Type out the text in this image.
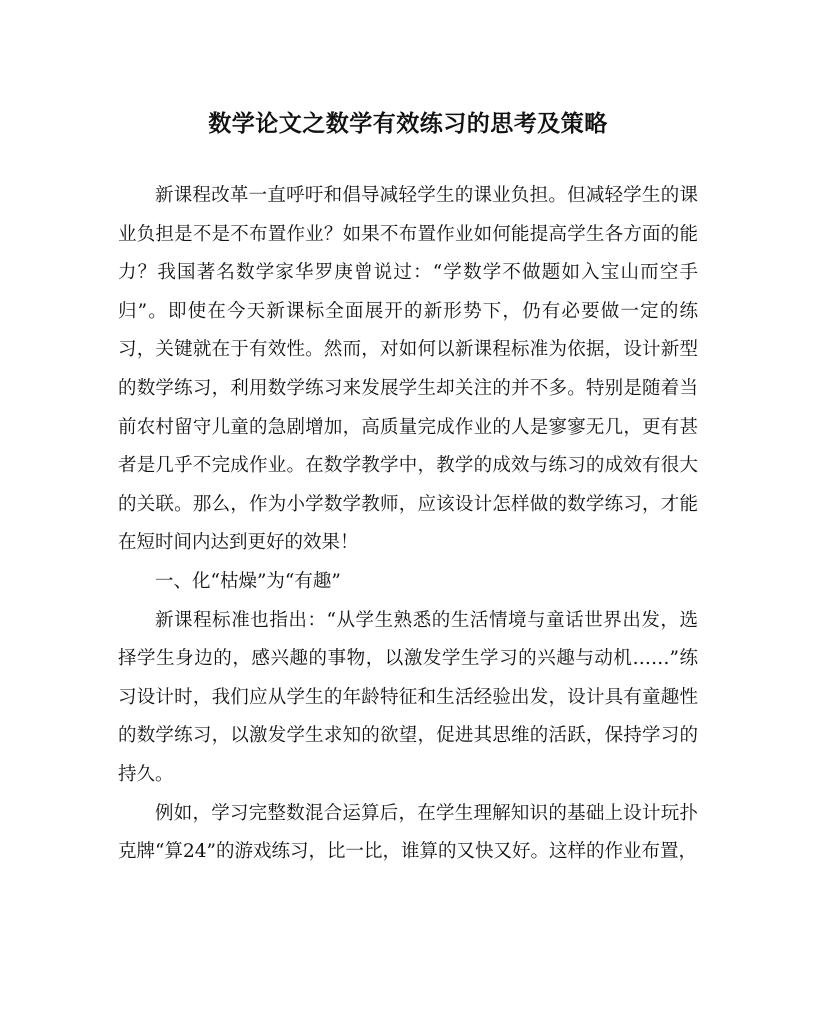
数学论文之数学有效练习的思考及策略

新课程改革一直呼吁和倡导减轻学生的课业负担。但减轻学生的课业负担是不是不布置作业？如果不布置作业如何能提高学生各方面的能力？我国著名数学家华罗庚曾说过：“学数学不做题如入宝山而空手归”。即使在今天新课标全面展开的新形势下，仍有必要做一定的练习，关键就在于有效性。然而，对如何以新课程标准为依据，设计新型的数学练习，利用数学练习来发展学生却关注的并不多。特别是随着当前农村留守儿童的急剧增加，高质量完成作业的人是寥寥无几，更有甚者是几乎不完成作业。在数学教学中，教学的成效与练习的成效有很大的关联。那么，作为小学数学教师，应该设计怎样做的数学练习，才能在短时间内达到更好的效果！

一、化“枯燥”为“有趣”

新课程标准也指出：“从学生熟悉的生活情境与童话世界出发，选择学生身边的，感兴趣的事物，以激发学生学习的兴趣与动机……”练习设计时，我们应从学生的年龄特征和生活经验出发，设计具有童趣性的数学练习，以激发学生求知的欲望，促进其思维的活跃，保持学习的持久。

例如，学习完整数混合运算后，在学生理解知识的基础上设计玩扑克牌“算24”的游戏练习，比一比，谁算的又快又好。这样的作业布置，
